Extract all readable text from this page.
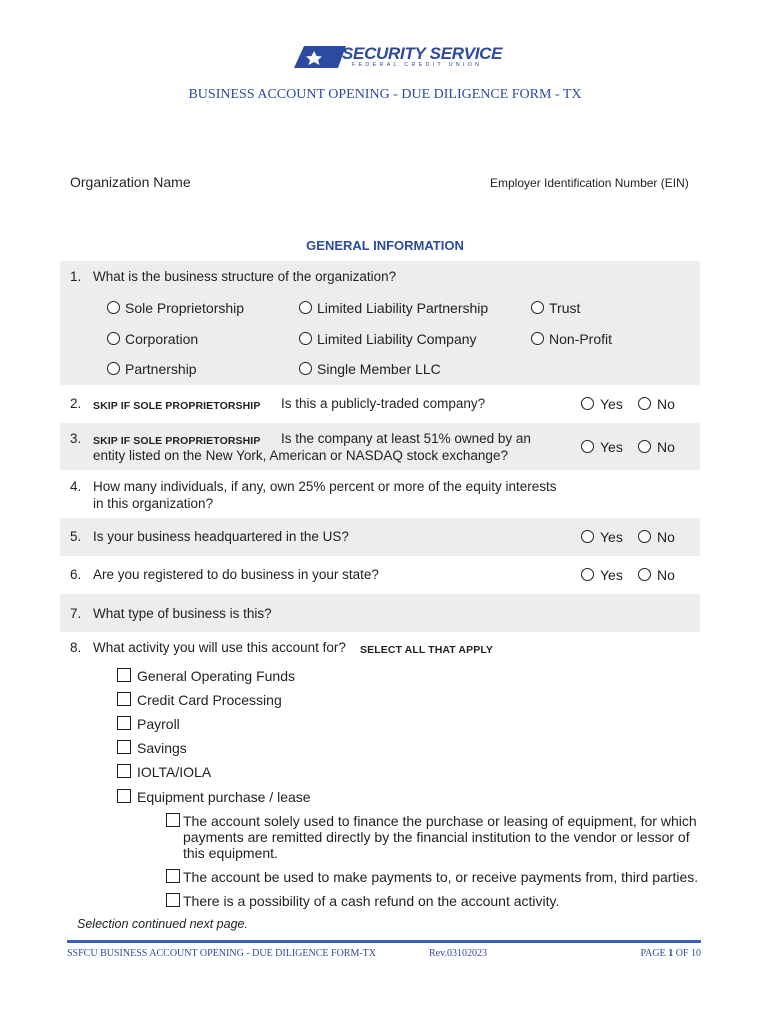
SECURITY SERVICE
FEDERAL CREDIT UNION
BUSINESS ACCOUNT OPENING - DUE DILIGENCE FORM - TX
Organization Name	Employer Identification Number (EIN)
GENERAL INFORMATION
1. What is the business structure of the organization?
Sole Proprietorship	Limited Liability Partnership	Trust
Corporation	Limited Liability Company	Non-Profit
Partnership	Single Member LLC
2. SKIP IF SOLE PROPRIETORSHIP Is this a publicly-traded company?	Yes No
3. SKIP IF SOLE PROPRIETORSHIP Is the company at least 51% owned by an
entity listed on the New York, American or NASDAQ stock exchange?
Yes No
4. How many individuals, if any, own 25% percent or more of the equity interests
in this organization?
5. Is your business headquartered in the US?	Yes No
6. Are you registered to do business in your state?	Yes No
7. What type of business is this?
8. What activity you will use this account for? SELECT ALL THAT APPLY
General Operating Funds
Credit Card Processing
Payroll
Savings
IOLTA/IOLA
Equipment purchase / lease
The account solely used to finance the purchase or leasing of equipment, for which
payments are remitted directly by the financial institution to the vendor or lessor of
this equipment.
The account be used to make payments to, or receive payments from, third parties.
There is a possibility of a cash refund on the account activity.
Selection continued next page.
SSFCU BUSINESS ACCOUNT OPENING - DUE DILIGENCE FORM-TX	Rev.03102023	PAGE 1 OF 10
